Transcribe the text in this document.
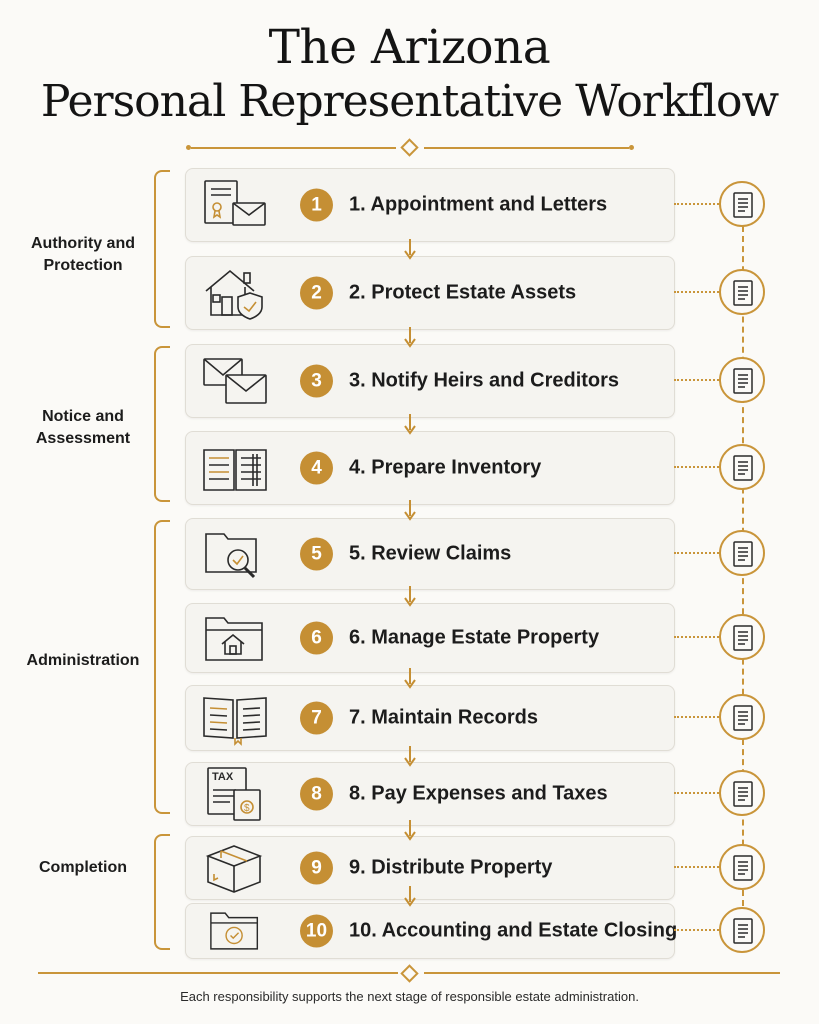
The Arizona
Personal Representative Workflow
Authority and
Protection
Notice and
Assessment
Administration
Completion
1	1. Appointment and Letters
2	2. Protect Estate Assets
3	3. Notify Heirs and Creditors
4	4. Prepare Inventory
5	5. Review Claims
6	6. Manage Estate Property
7	7. Maintain Records
TAX
$
8	8. Pay Expenses and Taxes
9	9. Distribute Property
10 10. Accounting and Estate Closing
Each responsibility supports the next stage of responsible estate administration.
